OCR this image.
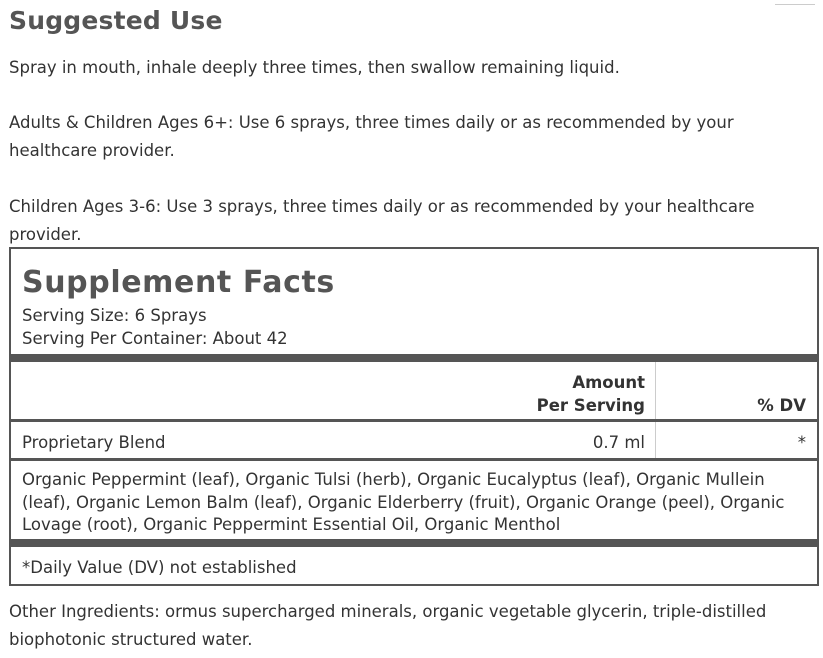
Suggested Use

Spray in mouth, inhale deeply three times, then swallow remaining liquid.

Adults & Children Ages 6+: Use 6 sprays, three times daily or as recommended by your healthcare provider.

Children Ages 3-6: Use 3 sprays, three times daily or as recommended by your healthcare provider.

Supplement Facts
Serving Size: 6 Sprays
Serving Per Container: About 42
Amount
Per Serving	% DV
Proprietary Blend	0.7 ml	*
Organic Peppermint (leaf), Organic Tulsi (herb), Organic Eucalyptus (leaf), Organic Mullein (leaf), Organic Lemon Balm (leaf), Organic Elderberry (fruit), Organic Orange (peel), Organic Lovage (root), Organic Peppermint Essential Oil, Organic Menthol
*Daily Value (DV) not established

Other Ingredients: ormus supercharged minerals, organic vegetable glycerin, triple-distilled biophotonic structured water.
